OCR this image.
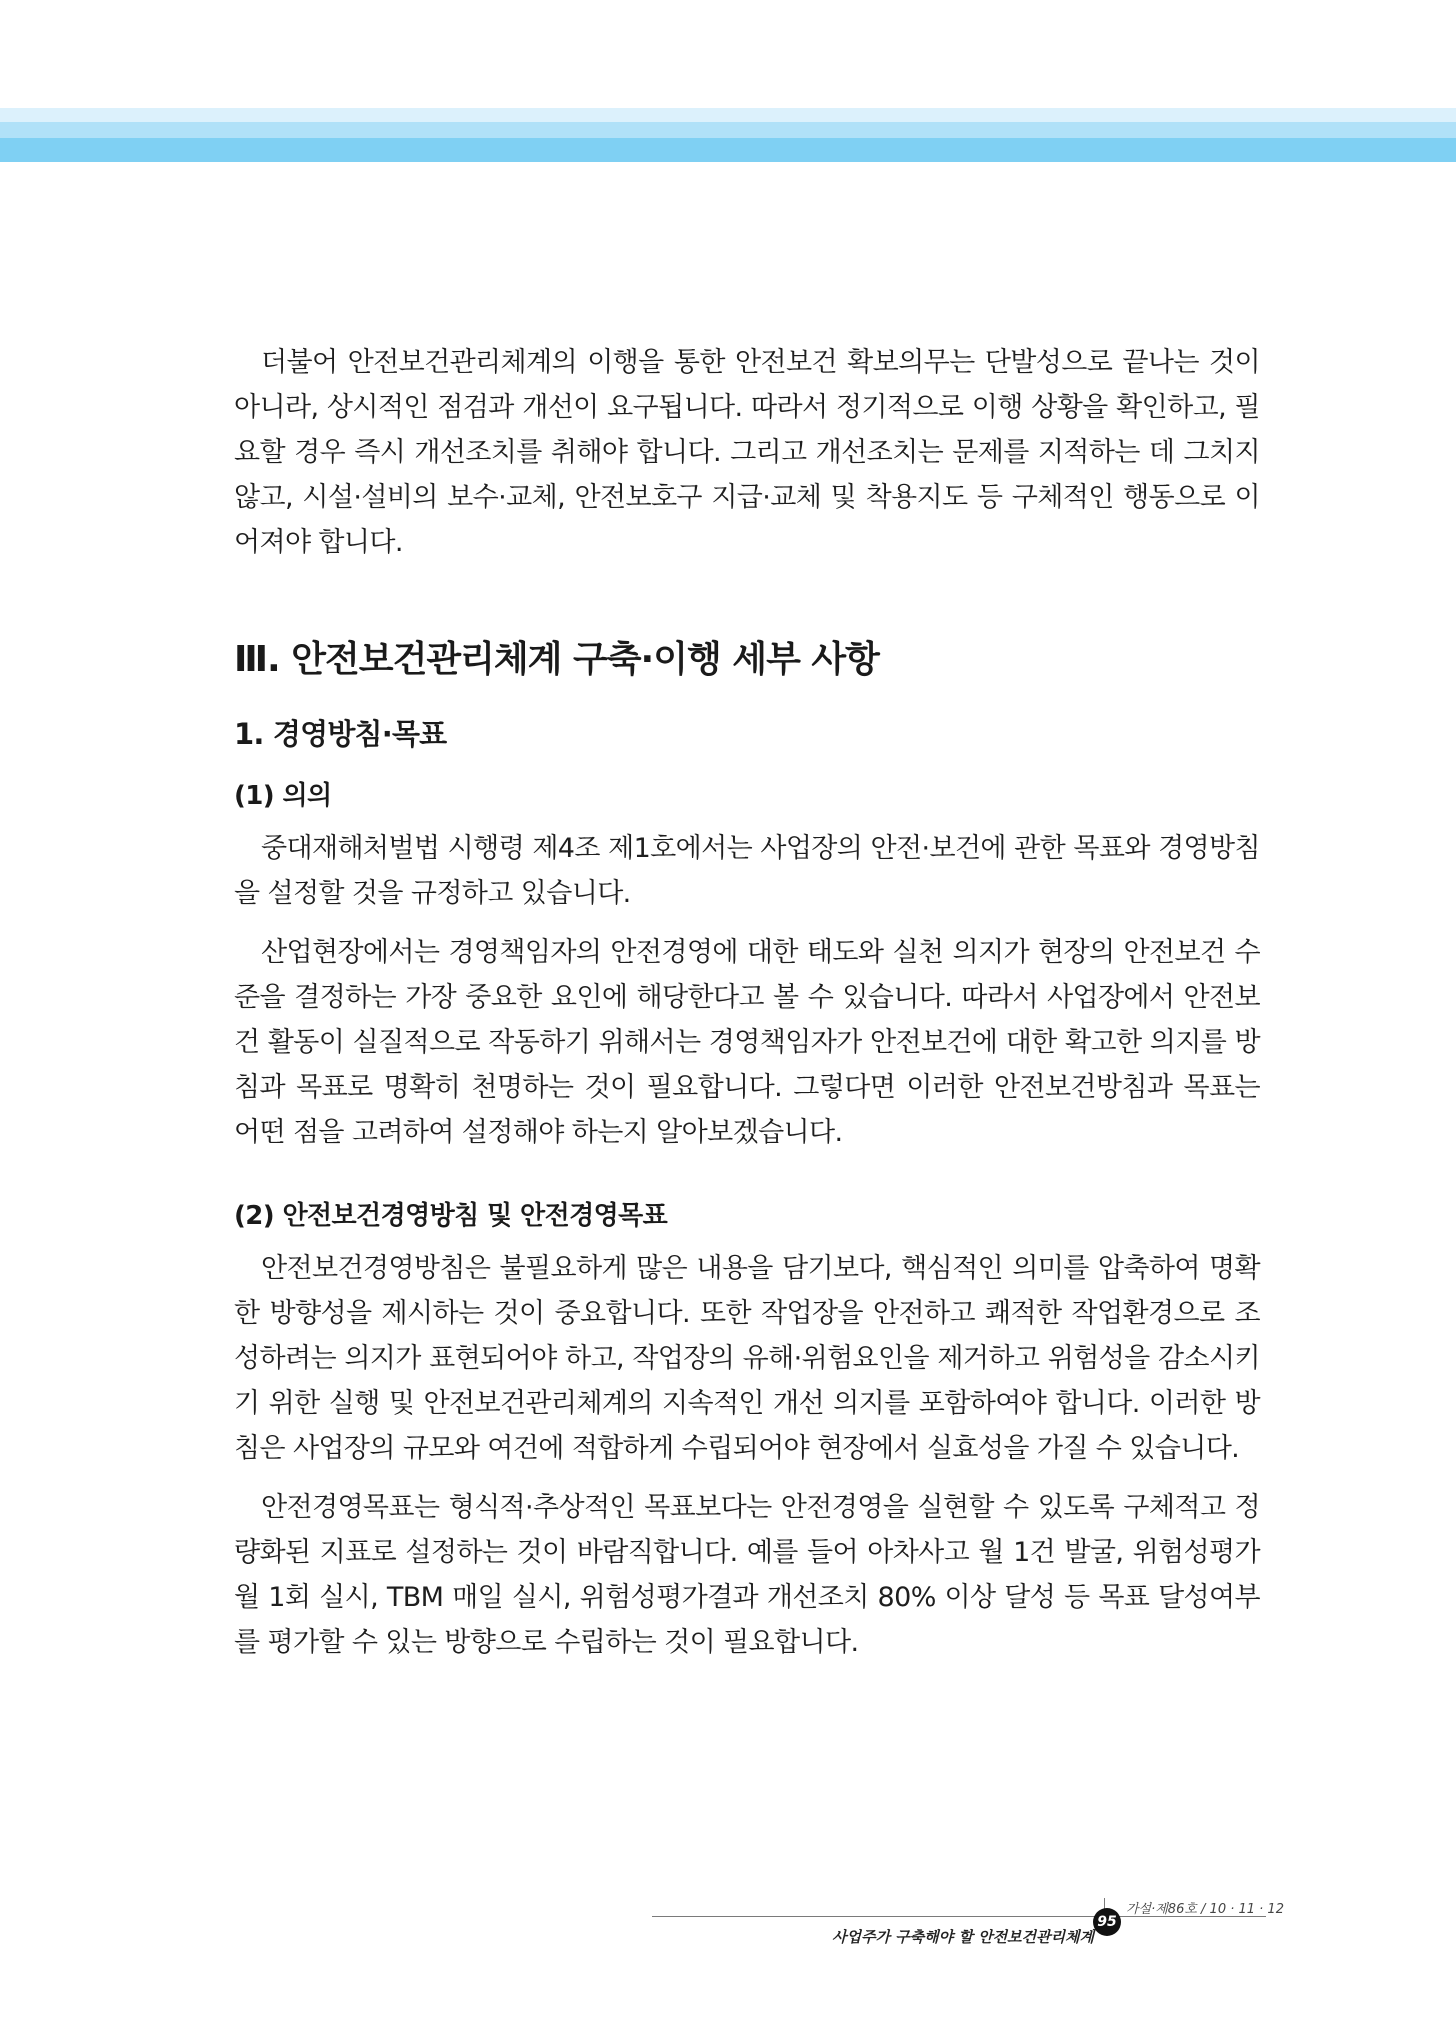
더불어 안전보건관리체계의 이행을 통한 안전보건 확보의무는 단발성으로 끝나는 것이 아니라, 상시적인 점검과 개선이 요구됩니다. 따라서 정기적으로 이행 상황을 확인하고, 필요할 경우 즉시 개선조치를 취해야 합니다. 그리고 개선조치는 문제를 지적하는 데 그치지 않고, 시설·설비의 보수·교체, 안전보호구 지급·교체 및 착용지도 등 구체적인 행동으로 이어져야 합니다.

Ⅲ. 안전보건관리체계 구축·이행 세부 사항
1. 경영방침·목표
(1) 의의

중대재해처벌법 시행령 제4조 제1호에서는 사업장의 안전·보건에 관한 목표와 경영방침을 설정할 것을 규정하고 있습니다.

산업현장에서는 경영책임자의 안전경영에 대한 태도와 실천 의지가 현장의 안전보건 수준을 결정하는 가장 중요한 요인에 해당한다고 볼 수 있습니다. 따라서 사업장에서 안전보건 활동이 실질적으로 작동하기 위해서는 경영책임자가 안전보건에 대한 확고한 의지를 방침과 목표로 명확히 천명하는 것이 필요합니다. 그렇다면 이러한 안전보건방침과 목표는 어떤 점을 고려하여 설정해야 하는지 알아보겠습니다.

(2) 안전보건경영방침 및 안전경영목표

안전보건경영방침은 불필요하게 많은 내용을 담기보다, 핵심적인 의미를 압축하여 명확한 방향성을 제시하는 것이 중요합니다. 또한 작업장을 안전하고 쾌적한 작업환경으로 조성하려는 의지가 표현되어야 하고, 작업장의 유해·위험요인을 제거하고 위험성을 감소시키기 위한 실행 및 안전보건관리체계의 지속적인 개선 의지를 포함하여야 합니다. 이러한 방침은 사업장의 규모와 여건에 적합하게 수립되어야 현장에서 실효성을 가질 수 있습니다.

안전경영목표는 형식적·추상적인 목표보다는 안전경영을 실현할 수 있도록 구체적고 정량화된 지표로 설정하는 것이 바람직합니다. 예를 들어 아차사고 월 1건 발굴, 위험성평가 월 1회 실시, TBM 매일 실시, 위험성평가결과 개선조치 80% 이상 달성 등 목표 달성여부를 평가할 수 있는 방향으로 수립하는 것이 필요합니다.

95
가설·제86호 / 10 · 11 · 12
사업주가 구축해야 할 안전보건관리체계
